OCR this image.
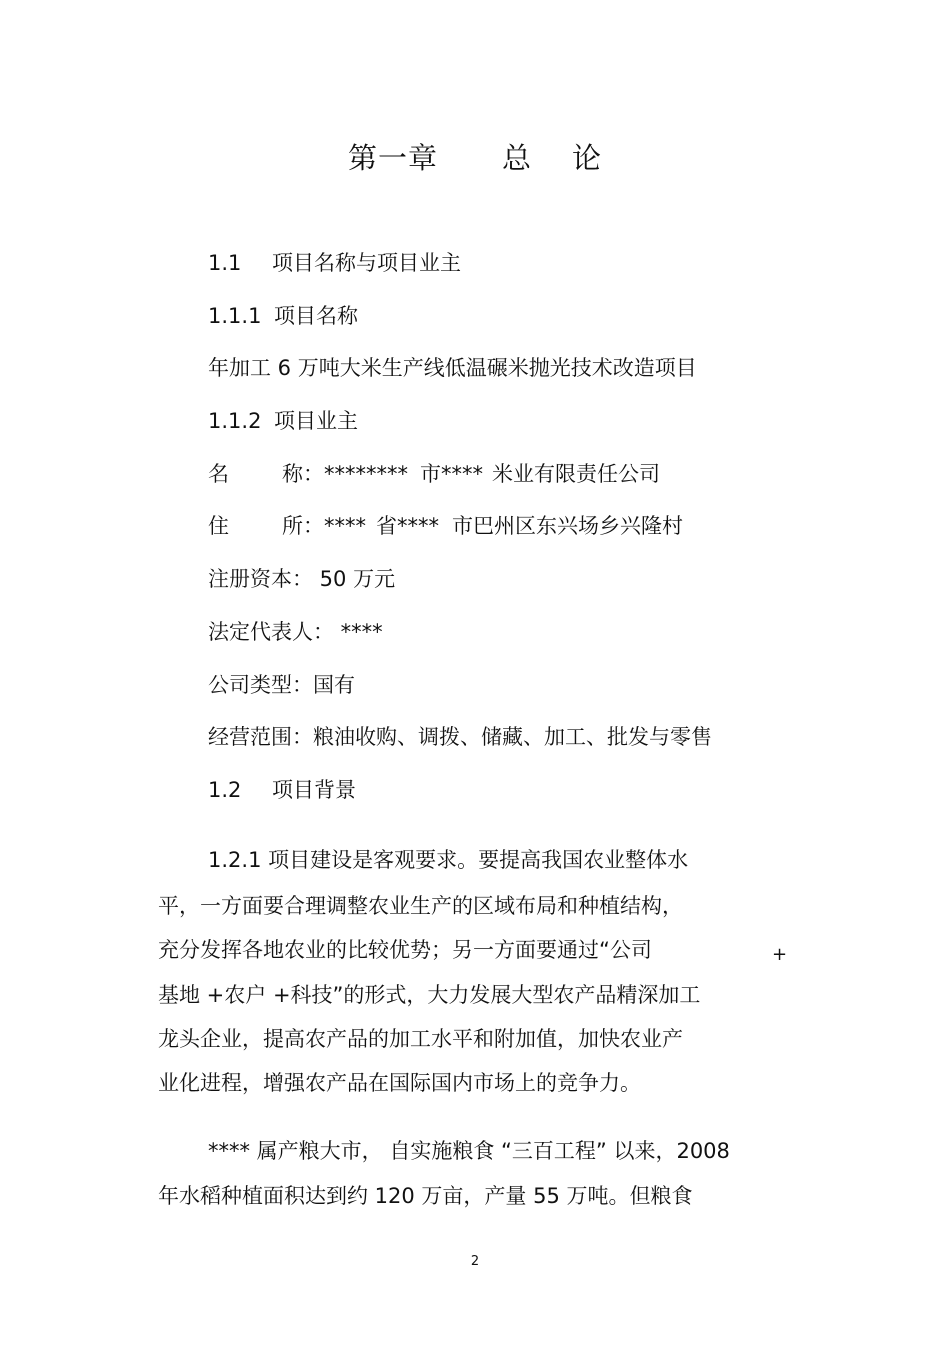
第一章 总 论
1.1 项目名称与项目业主
1.1.1 项目名称
年加工 6 万吨大米生产线低温碾米抛光技术改造项目
1.1.2 项目业主
名	称：******** 市**** 米业有限责任公司
住	所：**** 省**** 市巴州区东兴场乡兴隆村
注册资本： 50 万元
法定代表人： ****
公司类型：国有
经营范围：粮油收购、调拨、储藏、加工、批发与零售
1.2 项目背景
1.2.1 项目建设是客观要求。要提高我国农业整体水
平，一方面要合理调整农业生产的区域布局和种植结构，
充分发挥各地农业的比较优势；另一方面要通过“公司	+
基地 +农户 +科技”的形式，大力发展大型农产品精深加工
龙头企业，提高农产品的加工水平和附加值，加快农业产
业化进程，增强农产品在国际国内市场上的竞争力。
**** 属产粮大市， 自实施粮食 “三百工程” 以来，2008
年水稻种植面积达到约 120 万亩，产量 55 万吨。但粮食
2
